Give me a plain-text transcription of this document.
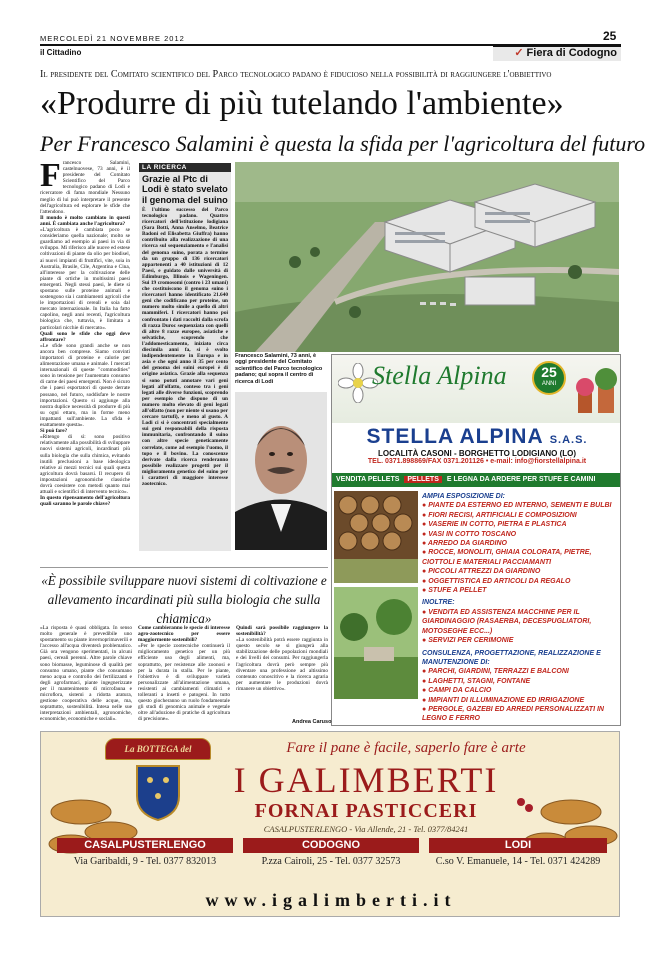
MERCOLEDÌ 21 NOVEMBRE 2012	25
il Cittadino	✓ Fiera di Codogno
Il presidente del Comitato scientifico del Parco tecnologico padano è fiducioso nella possibilità di raggiungere l'obbiettivo
«Produrre di più tutelando l'ambiente»
Per Francesco Salamini è questa la sfida per l'agricoltura del futuro
F rancesco Salamini, castelnuovese, 73 anni, è il presidente del Comitato Scientifico del Parco tecnologico padano di Lodi e ricercatore di fama mondiale Nessuno meglio di lui può interpretare il presente dell'agricoltura ed esplorare le sfide che l'attendono.

Il mondo è molto cambiato in questi anni. È cambiata anche l'agricoltura?

«L'agricoltura è cambiata poco se consideriamo quella nazionale; molto se guardiamo ad esempio ai paesi in via di sviluppo. Mi riferisco alle nuove ed estese coltivazioni di piante da olio per biodisel, ai nuovi impianti di fruttiﬁci, vite, soia in Australia, Brasile, Cile, Argentina e Cina, all'interesse per la coltivazione delle piante di ortiche in moltissimi paesi emergenti. Negli stessi paesi, le diete si spostano sulle proteine animali e sostengono sia i cambiamenti agricoli che le importazioni di cereali e soia dal mercato internazionale. In Italia ha fatto capolino, negli anni recenti, l'agricoltura biologica che, tuttavia, è limitata a particolari nicchie di mercato».

Quali sono le sfide che oggi deve affrontare?

«Le sfide sono grandi anche se non ancora ben comprese. Siamo convinti importatori di proteine e calorie per alimentazione umana e animale. I mercati internazionali di queste "commodities" sono in tensione per l'aumentato consumo di carne dei paesi emergenti. Non è sicuro che i paesi esportatori di queste derrate possano, nel futuro, soddisfare le nostre importazioni. Questo si aggiunge alla nostra duplice necessità di produrre di più su ogni ettaro, ma in forme meno impattanti sull'ambiente. La sfida è esattamente questa».

Si può fare?

«Ritengo di sì: sono positivo relativamente alla possibilità di sviluppare nuovi sistemi agricoli, incardinati più sulla biologia che sulla chimica, evitando inutili preclusioni a base ideologica relative ai mezzi tecnici sui quali questa agricoltura dovrà basarsi. Il recupero di impostazioni agronomiche classiche dovrà coesistere con metodi quanto mai attuali e scientifici di intervento tecnico».

In questo ripensamento dell'agricoltura quali saranno le parole chiave?

LA RICERCA
Grazie al Ptc di Lodi è stato svelato il genoma del suino
È l'ultimo successo del Parco tecnologico padano. Quattro ricercatori dell'istituzione lodigiana (Sara Botti, Anna Anselmo, Beatrice Badoni ed Elisabetta Giuffra) hanno contribuito alla realizzazione di una ricerca sul sequenziamento e l'analisi del genoma suino, porata a termine da un gruppo di 136 ricercatori appartenenti a 40 istituzioni di 12 Paesi, e guidato dalle università di Edimburgo, Illinois e Wageningen. Sui 19 cromosomi (contro i 23 umani) che costituiscono il genoma suino i ricercatori hanno identificato 21.640 geni che codificano per proteine, un numero molto simile a quello di altri mammiferi. I ricercatori hanno poi confrontato i dati raccolti dalla scrofa di razza Duroc sequenziata con quelli di altre 8 razze europee, asiatiche e selvatiche, scoprendo che l'addomesticamento, iniziato circa diecimila anni fa, si è svolto indipendentemente in Europa e in asia e che ogni anno il 35 per cento del genoma dei suini europei è di origine asiatica. Grazie alla sequenza si sono potuti annotare vari geni legati all'olfatto, conteso tra i geni legati alle diverse funzioni, scoprendo per esempio che dispone di un numero molto elevato di geni legati all'olfatto (non per niente si usano per cercare tartufi), e meno al gusto. A Lodi ci si è concentrati specialmente sui geni responsabili della risposta immunitaria, confrontando il suino con altre specie geneticamente correlate, come ad esempio l'uomo, il topo e il bovino. La conoscenze derivate dalla ricerca renderanno possibile realizzare progetti per il miglioramento genetico del suino per i caratteri di maggiore interesse zootecnico.
Francesco Salamini, 73 anni, è oggi presidente del Comitato scientifico del Parco tecnologico padano; qui sopra il centro di ricerca di Lodi	Stella Alpina	25
ANNI
STELLA ALPINA S.A.S.
LOCALITÀ CASONI - BORGHETTO LODIGIANO (LO)
TEL. 0371.898869/FAX 0371.201126 • e-mail: info@fiorstellalpina.it
VENDITA PELLETS PELLETS E LEGNA DA ARDERE PER STUFE E CAMINI
AMPIA ESPOSIZIONE DI:
● PIANTE DA ESTERNO ED INTERNO, SEMENTI E BULBI
● FIORI RECISI, ARTIFICIALI E COMPOSIZIONI
● VASERIE IN COTTO, PIETRA E PLASTICA
● VASI IN COTTO TOSCANO
● ARREDO DA GIARDINO
● ROCCE, MONOLITI, GHIAIA COLORATA, PIETRE, CIOTTOLI E MATERIALI PACCIAMANTI
● PICCOLI ATTREZZI DA GIARDINO
● OGGETTISTICA ED ARTICOLI DA REGALO
● STUFE A PELLET
INOLTRE:
● VENDITA ED ASSISTENZA MACCHINE PER IL GIARDINAGGIO (RASAERBA, DECESPUGLIATORI, MOTOSEGHE ECC...)
● SERVIZI PER CERIMONIE
CONSULENZA, PROGETTAZIONE, REALIZZAZIONE E MANUTENZIONE DI:
● PARCHI, GIARDINI, TERRAZZI E BALCONI
● LAGHETTI, STAGNI, FONTANE
● CAMPI DA CALCIO
● IMPIANTI DI ILLUMINAZIONE ED IRRIGAZIONE
● PERGOLE, GAZEBI ED ARREDI PERSONALIZZATI IN LEGNO E FERRO
«È possibile sviluppare nuovi sistemi di coltivazione e allevamento incardinati più sulla biologia che sulla chiamica»

«La risposta è quasi obbligata. In senso molto generale è prevedibile uno spostamento su piante invernoprimaverili e l'accesso all'acqua diventerà problematico. Già ora vengono sperimentati, in alcuni paesi, cereali perenni. Altre parole chiave sono biomasse, leguminose di qualità per consumo umano, piante che consumano meno acqua e controllo dei fertilizzanti e degli agrofarmaci, piante ingegnerizzate per il mantenimento di microfauna e microﬂora, sistemi a ridotta aratura, gestione cooperativa delle acque, ma, soprattutto, sostenibilità. Intesa nelle sue interpretazioni ambientali, agronomiche, economiche, economiche e sociali».

Come cambieranno le specie di interesse agro-zootecnico per essere maggiormente sostenibili?

«Per le specie zootecniche continuerà il miglioramento genetico per un più efficiente uso degli alimenti, ma, soprattutto, per resistenze alle zoonosi e per la durata in stalla. Per le piante, l'obiettivo è di sviluppare varietà personalizzate all'alimentazione umana, resistenti ai cambiamenti climatici e tolleranti a insetti e patogeni. In tutto questo giocheranno un ruolo fondamentale gli studi di genomica animale e vegetale oltre all'adozione di pratiche di agricoltura di precisione».

Quindi sarà possibile raggiungere la sostenibilità?

«La sostenibilità potrà essere raggiunta in questo secolo se si giungerà alla stabilizzazione delle popolazioni mondiali e dei livelli dei consumi. Per raggiungerla l'agricoltura dovrà però sempre più diventare una professione ad altissimo contenuto conoscitivo e la ricerca agraria per aumentare le produzioni dovrà rimanere un obiettivo».

Andrea Caruso
La BOTTEGA del	Fare il pane è facile, saperlo fare è arte
I GALIMBERTI
FORNAI PASTICCERI
CASALPUSTERLENGO - Via Allende, 21 - Tel. 0377/84241
CASALPUSTERLENGO
Via Garibaldi, 9 - Tel. 0377 832013
CODOGNO
P.zza Cairoli, 25 - Tel. 0377 32573
LODI
C.so V. Emanuele, 14 - Tel. 0371 424289
www.igalimberti.it
